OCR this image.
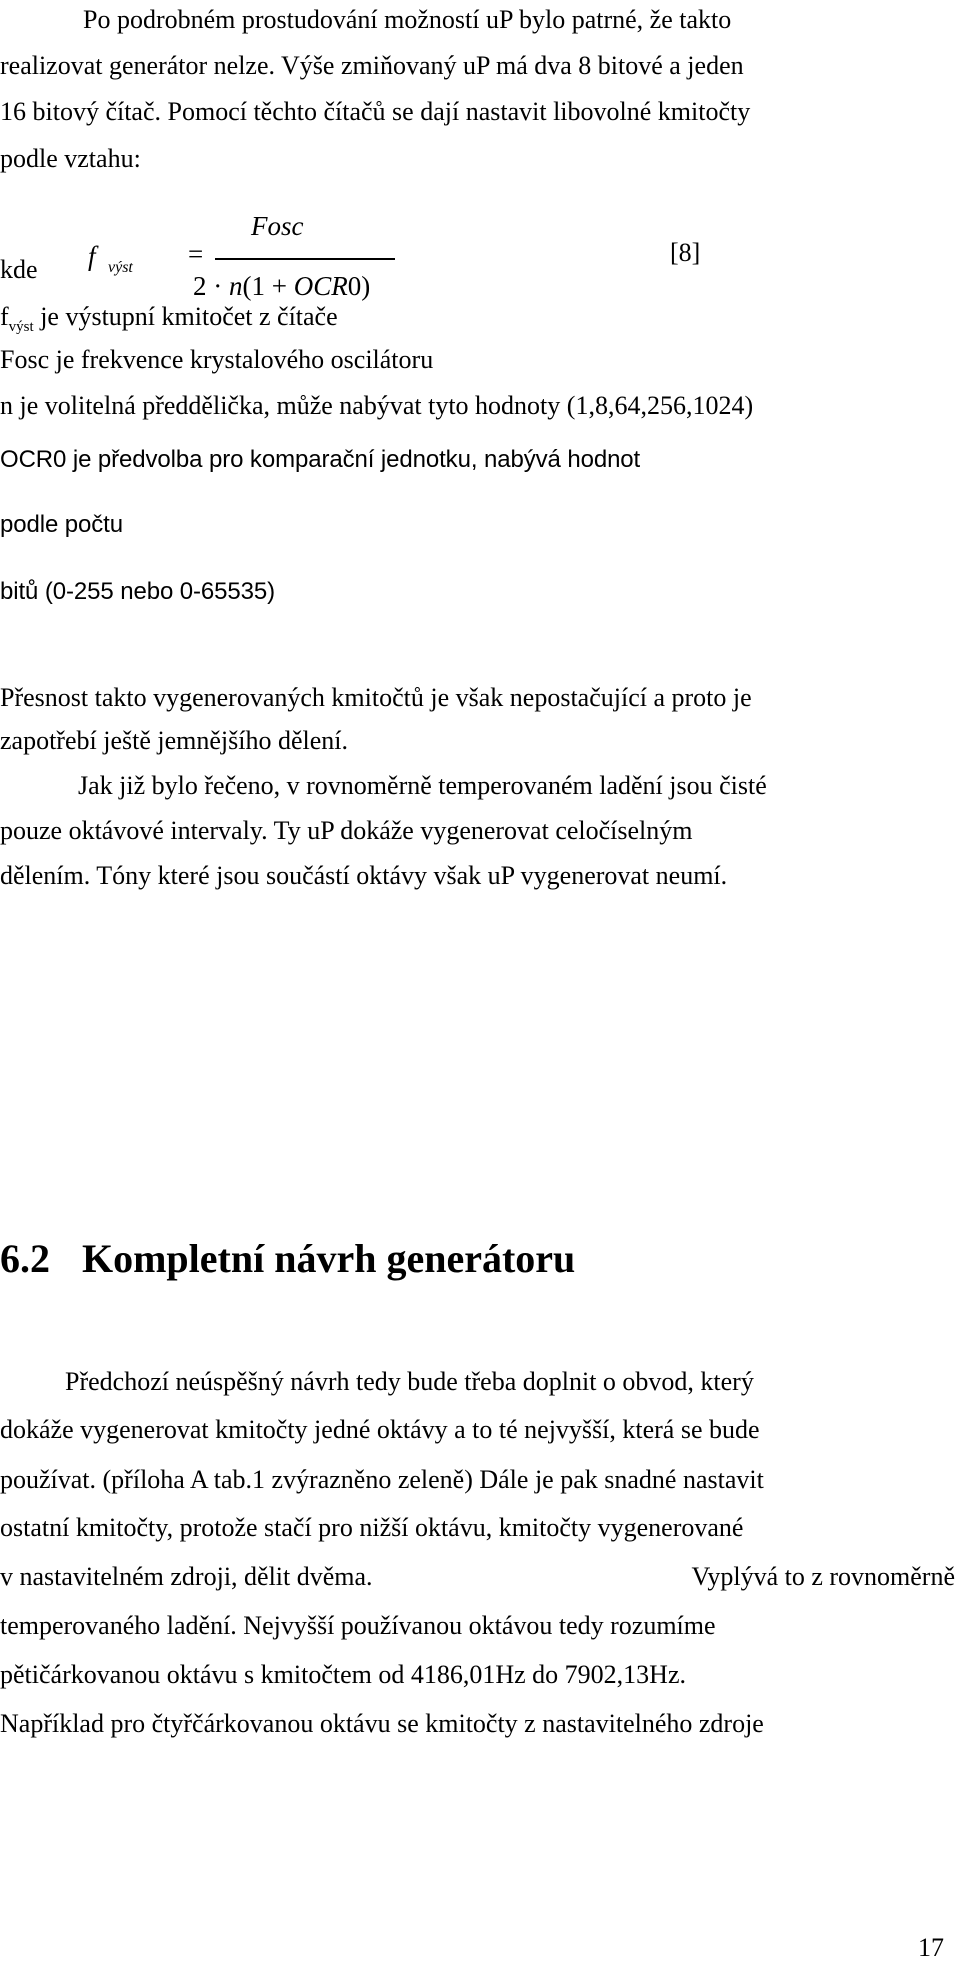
Po podrobném prostudování možností uP bylo patrné, že takto
realizovat generátor nelze. Výše zmiňovaný uP má dva 8 bitové a jeden
16 bitový čítač. Pomocí těchto čítačů se dají nastavit libovolné kmitočty
podle vztahu:
f výst =
Fosc
2 · n(1 + OCR0)
[8]
kde
$f_{výst}$ je výstupní kmitočet z čítače
Fosc je frekvence krystalového oscilátoru
n je volitelná předdělička, může nabývat tyto hodnoty (1,8,64,256,1024)
OCR0 je předvolba pro komparační jednotku, nabývá hodnot
podle počtu
bitů (0-255 nebo 0-65535)
Přesnost takto vygenerovaných kmitočtů je však nepostačující a proto je
zapotřebí ještě jemnějšího dělení.
Jak již bylo řečeno, v rovnoměrně temperovaném ladění jsou čisté
pouze oktávové intervaly. Ty uP dokáže vygenerovat celočíselným
dělením. Tóny které jsou součástí oktávy však uP vygenerovat neumí.
6.2 Kompletní návrh generátoru
Předchozí neúspěšný návrh tedy bude třeba doplnit o obvod, který
dokáže vygenerovat kmitočty jedné oktávy a to té nejvyšší, která se bude
používat. (příloha A tab.1 zvýrazněno zeleně) Dále je pak snadné nastavit
ostatní kmitočty, protože stačí pro nižší oktávu, kmitočty vygenerované
v nastavitelném zdroji, dělit dvěma.	Vyplývá to z rovnoměrně
temperovaného ladění. Nejvyšší používanou oktávou tedy rozumíme
pětičárkovanou oktávu s kmitočtem od 4186,01Hz do 7902,13Hz.
Například pro čtyřčárkovanou oktávu se kmitočty z nastavitelného zdroje
17
